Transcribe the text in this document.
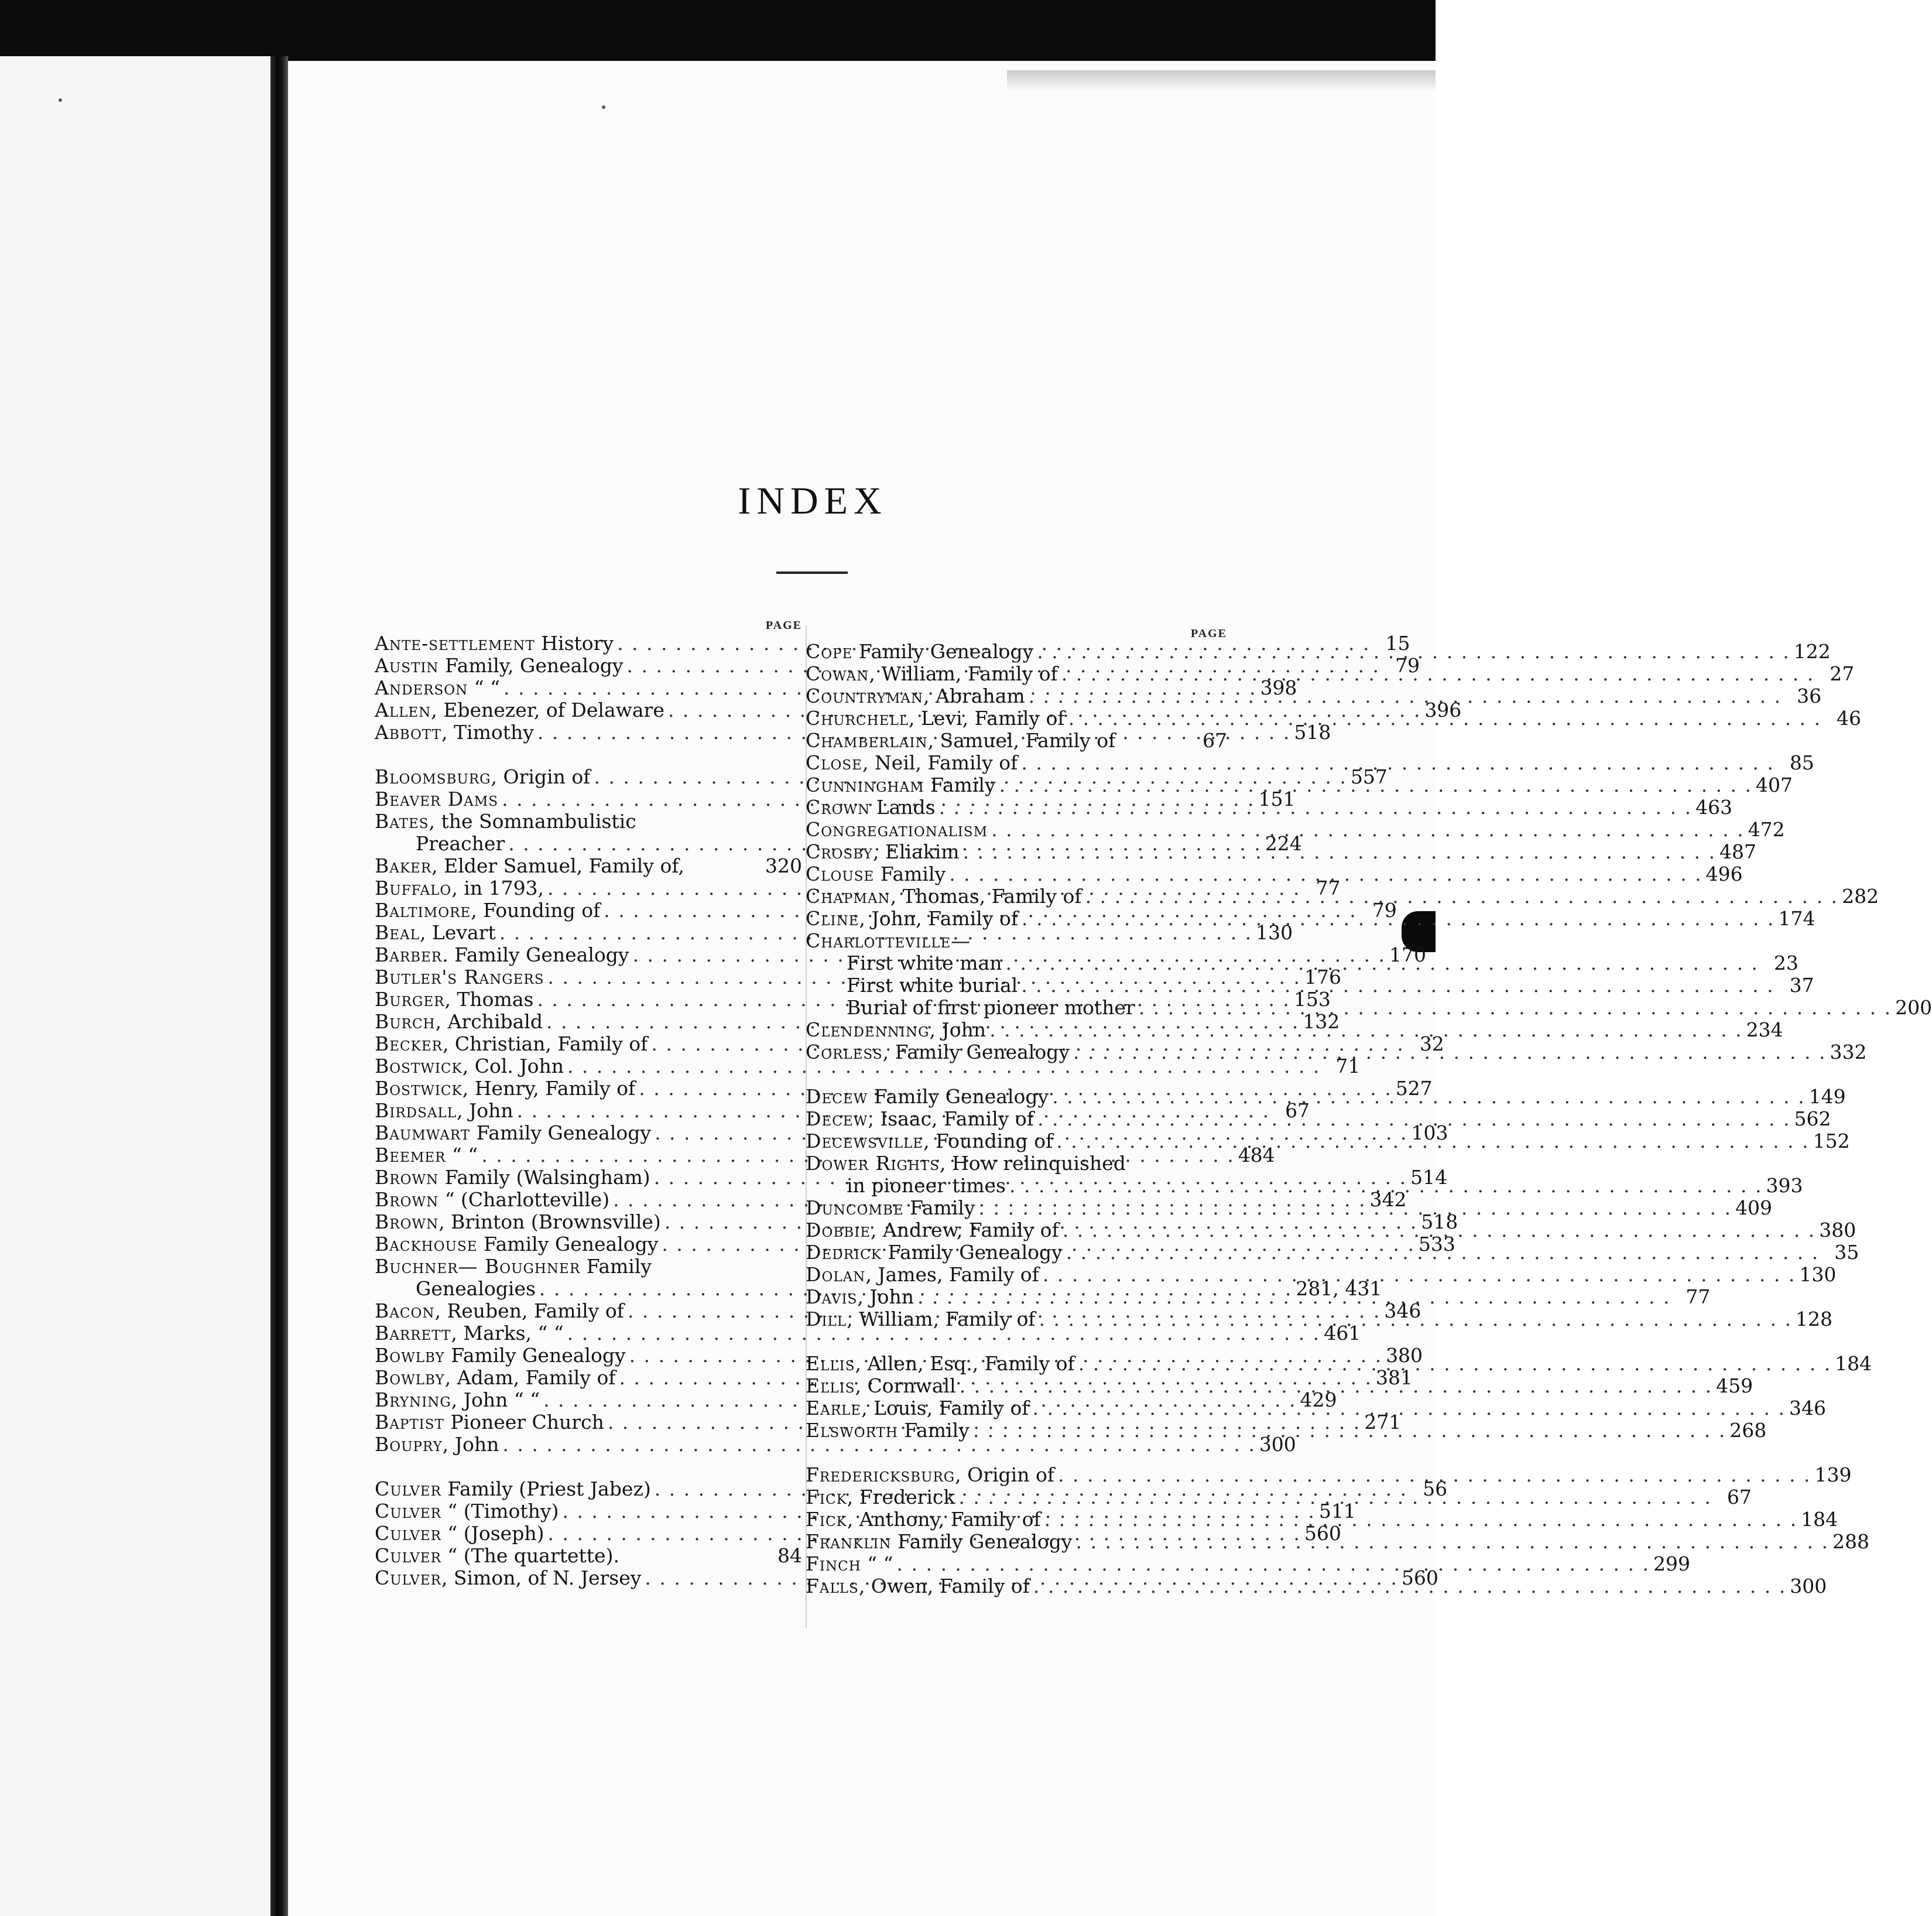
INDEX
PAGE
Ante-settlement History . . .	15
Austin Family, Genealogy . . .	79
Anderson “ “ . . .	398
Allen, Ebenezer, of Delaware . . .	396
Abbott, Timothy . . .	518
Bloomsburg, Origin of . . .	557
Beaver Dams . . .	151
Bates, the Somnambulistic
Preacher . . .	224
Baker, Elder Samuel, Family of,	320
Buffalo, in 1793, . . .	77
Baltimore, Founding of . . .	79
Beal, Levart . . .	130
Barber. Family Genealogy . . .	170
Butler's Rangers . . .	176
Burger, Thomas . . .	153
Burch, Archibald . . .	132
Becker, Christian, Family of . . .	32
Bostwick, Col. John . . .	71
Bostwick, Henry, Family of . . .	527
Birdsall, John . . .	67
Baumwart Family Genealogy . . .	103
Beemer “ “ . . .	484
Brown Family (Walsingham) . . .	514
Brown “ (Charlotteville) . . .	342
Brown, Brinton (Brownsville) . . .	518
Backhouse Family Genealogy . . .	533
Buchner— Boughner Family
Genealogies . . .	281, 431
Bacon, Reuben, Family of . . .	346
Barrett, Marks, “ “ . . .	461
Bowlby Family Genealogy . . .	380
Bowlby, Adam, Family of . . .	381
Bryning, John “ “ . . .	429
Baptist Pioneer Church . . .	271
Boupry, John . . .	300
Culver Family (Priest Jabez) . . .	56
Culver “ (Timothy) . . .	511
Culver “ (Joseph) . . .	560
Culver “ (The quartette).	84
Culver, Simon, of N. Jersey . . .	560
PAGE
Cope Family Genealogy . . .	122
Cowan, William, Family of . . .	27
Countryman, Abraham . . .	36
Churchell, Levi, Family of . . .	46
Chamberlain, Samuel, Family of	67
Close, Neil, Family of . . .	85
Cunningham Family . . .	407
Crown Lands . . .	463
Congregationalism . . .	472
Crosby, Eliakim . . .	487
Clouse Family . . .	496
Chapman, Thomas, Family of . . .	282
Cline, John, Family of . . .	174
Charlotteville—
First white man . . .	23
First white burial . . .	37
Burial of first pioneer mother . . .	200
Clendenning, John . . .	234
Corless, Family Genealogy . . .	332
Decew Family Genealogy . . .	149
Decew, Isaac, Family of . . .	562
Decewsville, Founding of . . .	152
Dower Rights, How relinquished
in pioneer times . . .	393
Duncombe Family . . .	409
Dobbie, Andrew, Family of . . .	380
Dedrick Family Genealogy . . .	35
Dolan, James, Family of . . .	130
Davis, John . . .	77
Dill, William, Family of . . .	128
Ellis, Allen, Esq., Family of . . .	184
Ellis, Cornwall . . .	459
Earle, Louis, Family of . . .	346
Elsworth Family . . .	268
Fredericksburg, Origin of . . .	139
Fick, Frederick . . .	67
Fick, Anthony, Family of . . .	184
Franklin Family Genealogy . . .	288
Finch “ “ . . .	299
Falls, Owen, Family of . . .	300
